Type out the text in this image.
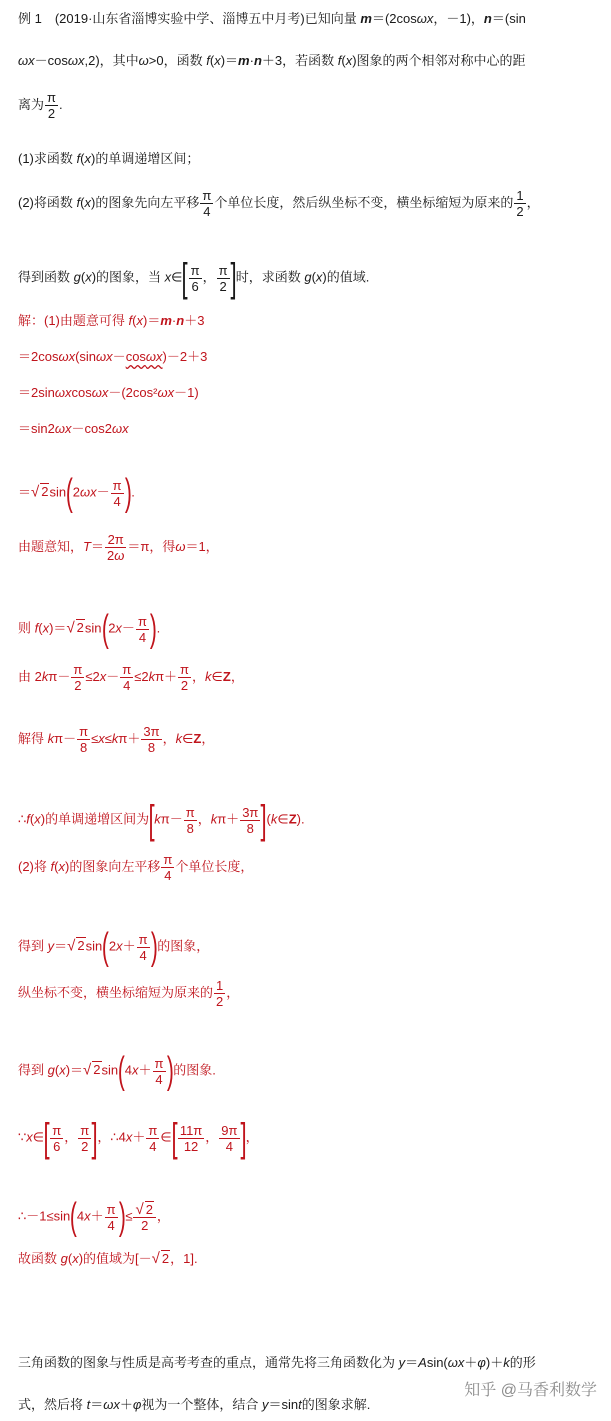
例 1　(2019·山东省淄博实验中学、淄博五中月考)已知向量 m＝(2cosωx，－1)，n＝(sin
ωx－cosωx,2)，其中ω>0，函数 f(x)＝m·n＋3，若函数 f(x)图象的两个相邻对称中心的距
离为 $\frac{\pi}{2}$ .
(1)求函数 f(x)的单调递增区间；
(2)将函数 f(x)的图象先向左平移 $\frac{\pi}{4}$ 个单位长度，然后纵坐标不变，横坐标缩短为原来的 $\frac{1}{2}$ ，
得到函数 g(x)的图象，当 x∈[ $\frac{\pi}{6}$ ， $\frac{\pi}{2}$ ]时，求函数 g(x)的值域.
解：(1)由题意可得 f(x)＝m·n＋3
＝2cosωx(sinωx－cosωx)－2＋3
＝2sinωxcosωx－(2cos²ωx－1)
＝sin2ωx－cos2ωx
＝√ $2\sin(2\omega x- \frac{\pi}{4}$ ).
由题意知，$T= \frac{2\pi}{2\omega} =\pi$，得ω＝1，
则 f(x)＝√ $2\sin(2x- \frac{\pi}{4}$ ).
由 $2k\pi- \frac{\pi}{2} \le 2x- \frac{\pi}{4} \le 2k\pi+ \frac{\pi}{2}$ ，k∈Z，
解得 $k\pi- \frac{\pi}{8} \le x\le k\pi+ \frac{3\pi}{8}$ ，k∈Z，
∴f(x)的单调递增区间为[$k\pi- \frac{\pi}{8}$ ，$k\pi+ \frac{3\pi}{8}$ ](k∈Z).
(2)将 f(x)的图象向左平移 $\frac{\pi}{4}$ 个单位长度，
得到 y＝√ $2\sin(2x+ \frac{\pi}{4}$ )的图象，
纵坐标不变，横坐标缩短为原来的 $\frac{1}{2}$ ，
得到 g(x)＝√ $2\sin(4x+ \frac{\pi}{4}$ )的图象.
∵x∈[ $\frac{\pi}{6}$ ， $\frac{\pi}{2}$ ]，∴4x＋ $\frac{\pi}{4}$ ∈[ $\frac{11\pi}{12}$ ， $\frac{9\pi}{4}$ ]，
∴－1≤sin(4x＋ $\frac{\pi}{4}$ )≤ $\frac{√ 2}{2}$ ，
故函数 g(x)的值域为[－√ 2，1].
三角函数的图象与性质是高考考查的重点，通常先将三角函数化为 y＝Asin(ωx＋φ)＋k的形
式，然后将 t＝ωx＋φ视为一个整体，结合 y＝sint的图象求解.
知乎 @马香利数学
